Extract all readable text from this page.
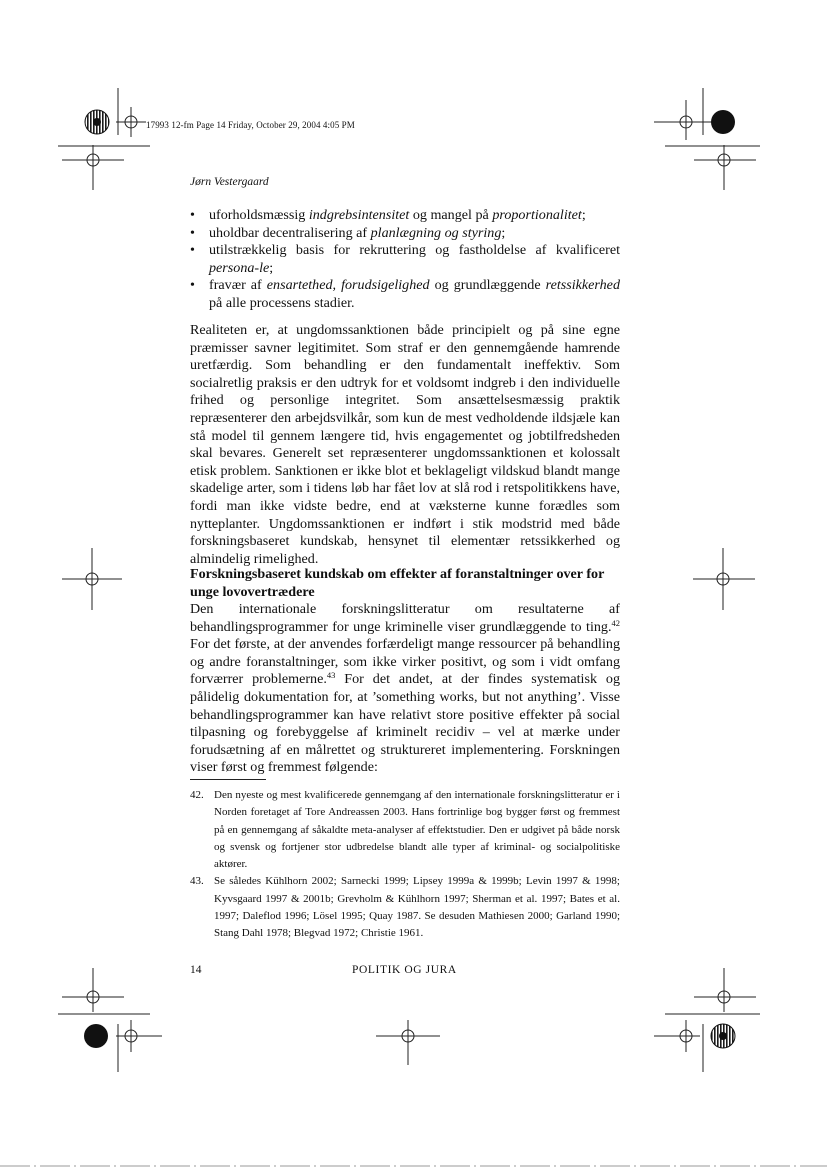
17993 12-fm Page 14 Friday, October 29, 2004 4:05 PM
Jørn Vestergaard
• uforholdsmæssig indgrebsintensitet og mangel på proportionalitet;
• uholdbar decentralisering af planlægning og styring;
• utilstrækkelig basis for rekruttering og fastholdelse af kvalificeret persona-le;
• fravær af ensartethed, forudsigelighed og grundlæggende retssikkerhed på alle processens stadier.

Realiteten er, at ungdomssanktionen både principielt og på sine egne præmisser savner legitimitet. Som straf er den gennemgående hamrende uretfærdig. Som behandling er den fundamentalt ineffektiv. Som socialretlig praksis er den udtryk for et voldsomt indgreb i den individuelle frihed og personlige integritet. Som ansættelsesmæssig praktik repræsenterer den arbejdsvilkår, som kun de mest vedholdende ildsjæle kan stå model til gennem længere tid, hvis engagementet og jobtilfredsheden skal bevares. Generelt set repræsenterer ungdomssanktionen et kolossalt etisk problem. Sanktionen er ikke blot et beklageligt vildskud blandt mange skadelige arter, som i tidens løb har fået lov at slå rod i retspolitikkens have, fordi man ikke vidste bedre, end at væksterne kunne forædles som nytteplanter. Ungdomssanktionen er indført i stik modstrid med både forskningsbaseret kundskab, hensynet til elementær retssikkerhed og almindelig rimelighed.

Forskningsbaseret kundskab om effekter af foranstaltninger over for unge lovovertrædere

Den internationale forskningslitteratur om resultaterne af behandlingsprogrammer for unge kriminelle viser grundlæggende to ting.$^{42}$ For det første, at der anvendes forfærdeligt mange ressourcer på behandling og andre foranstaltninger, som ikke virker positivt, og som i vidt omfang forværrer problemerne.$^{43}$ For det andet, at der findes systematisk og pålidelig dokumentation for, at ’something works, but not anything’. Visse behandlingsprogrammer kan have relativt store positive effekter på social tilpasning og forebyggelse af kriminelt recidiv – vel at mærke under forudsætning af en målrettet og struktureret implementering. Forskningen viser først og fremmest følgende:

42. Den nyeste og mest kvalificerede gennemgang af den internationale forskningslitteratur er i Norden foretaget af Tore Andreassen 2003. Hans fortrinlige bog bygger først og fremmest på en gennemgang af såkaldte meta-analyser af effektstudier. Den er udgivet på både norsk og svensk og fortjener stor udbredelse blandt alle typer af kriminal- og socialpolitiske aktører.

43. Se således Kühlhorn 2002; Sarnecki 1999; Lipsey 1999a & 1999b; Levin 1997 & 1998; Kyvsgaard 1997 & 2001b; Grevholm & Kühlhorn 1997; Sherman et al. 1997; Bates et al. 1997; Daleflod 1996; Lösel 1995; Quay 1987. Se desuden Mathiesen 2000; Garland 1990; Stang Dahl 1978; Blegvad 1972; Christie 1961.

14	POLITIK OG JURA
